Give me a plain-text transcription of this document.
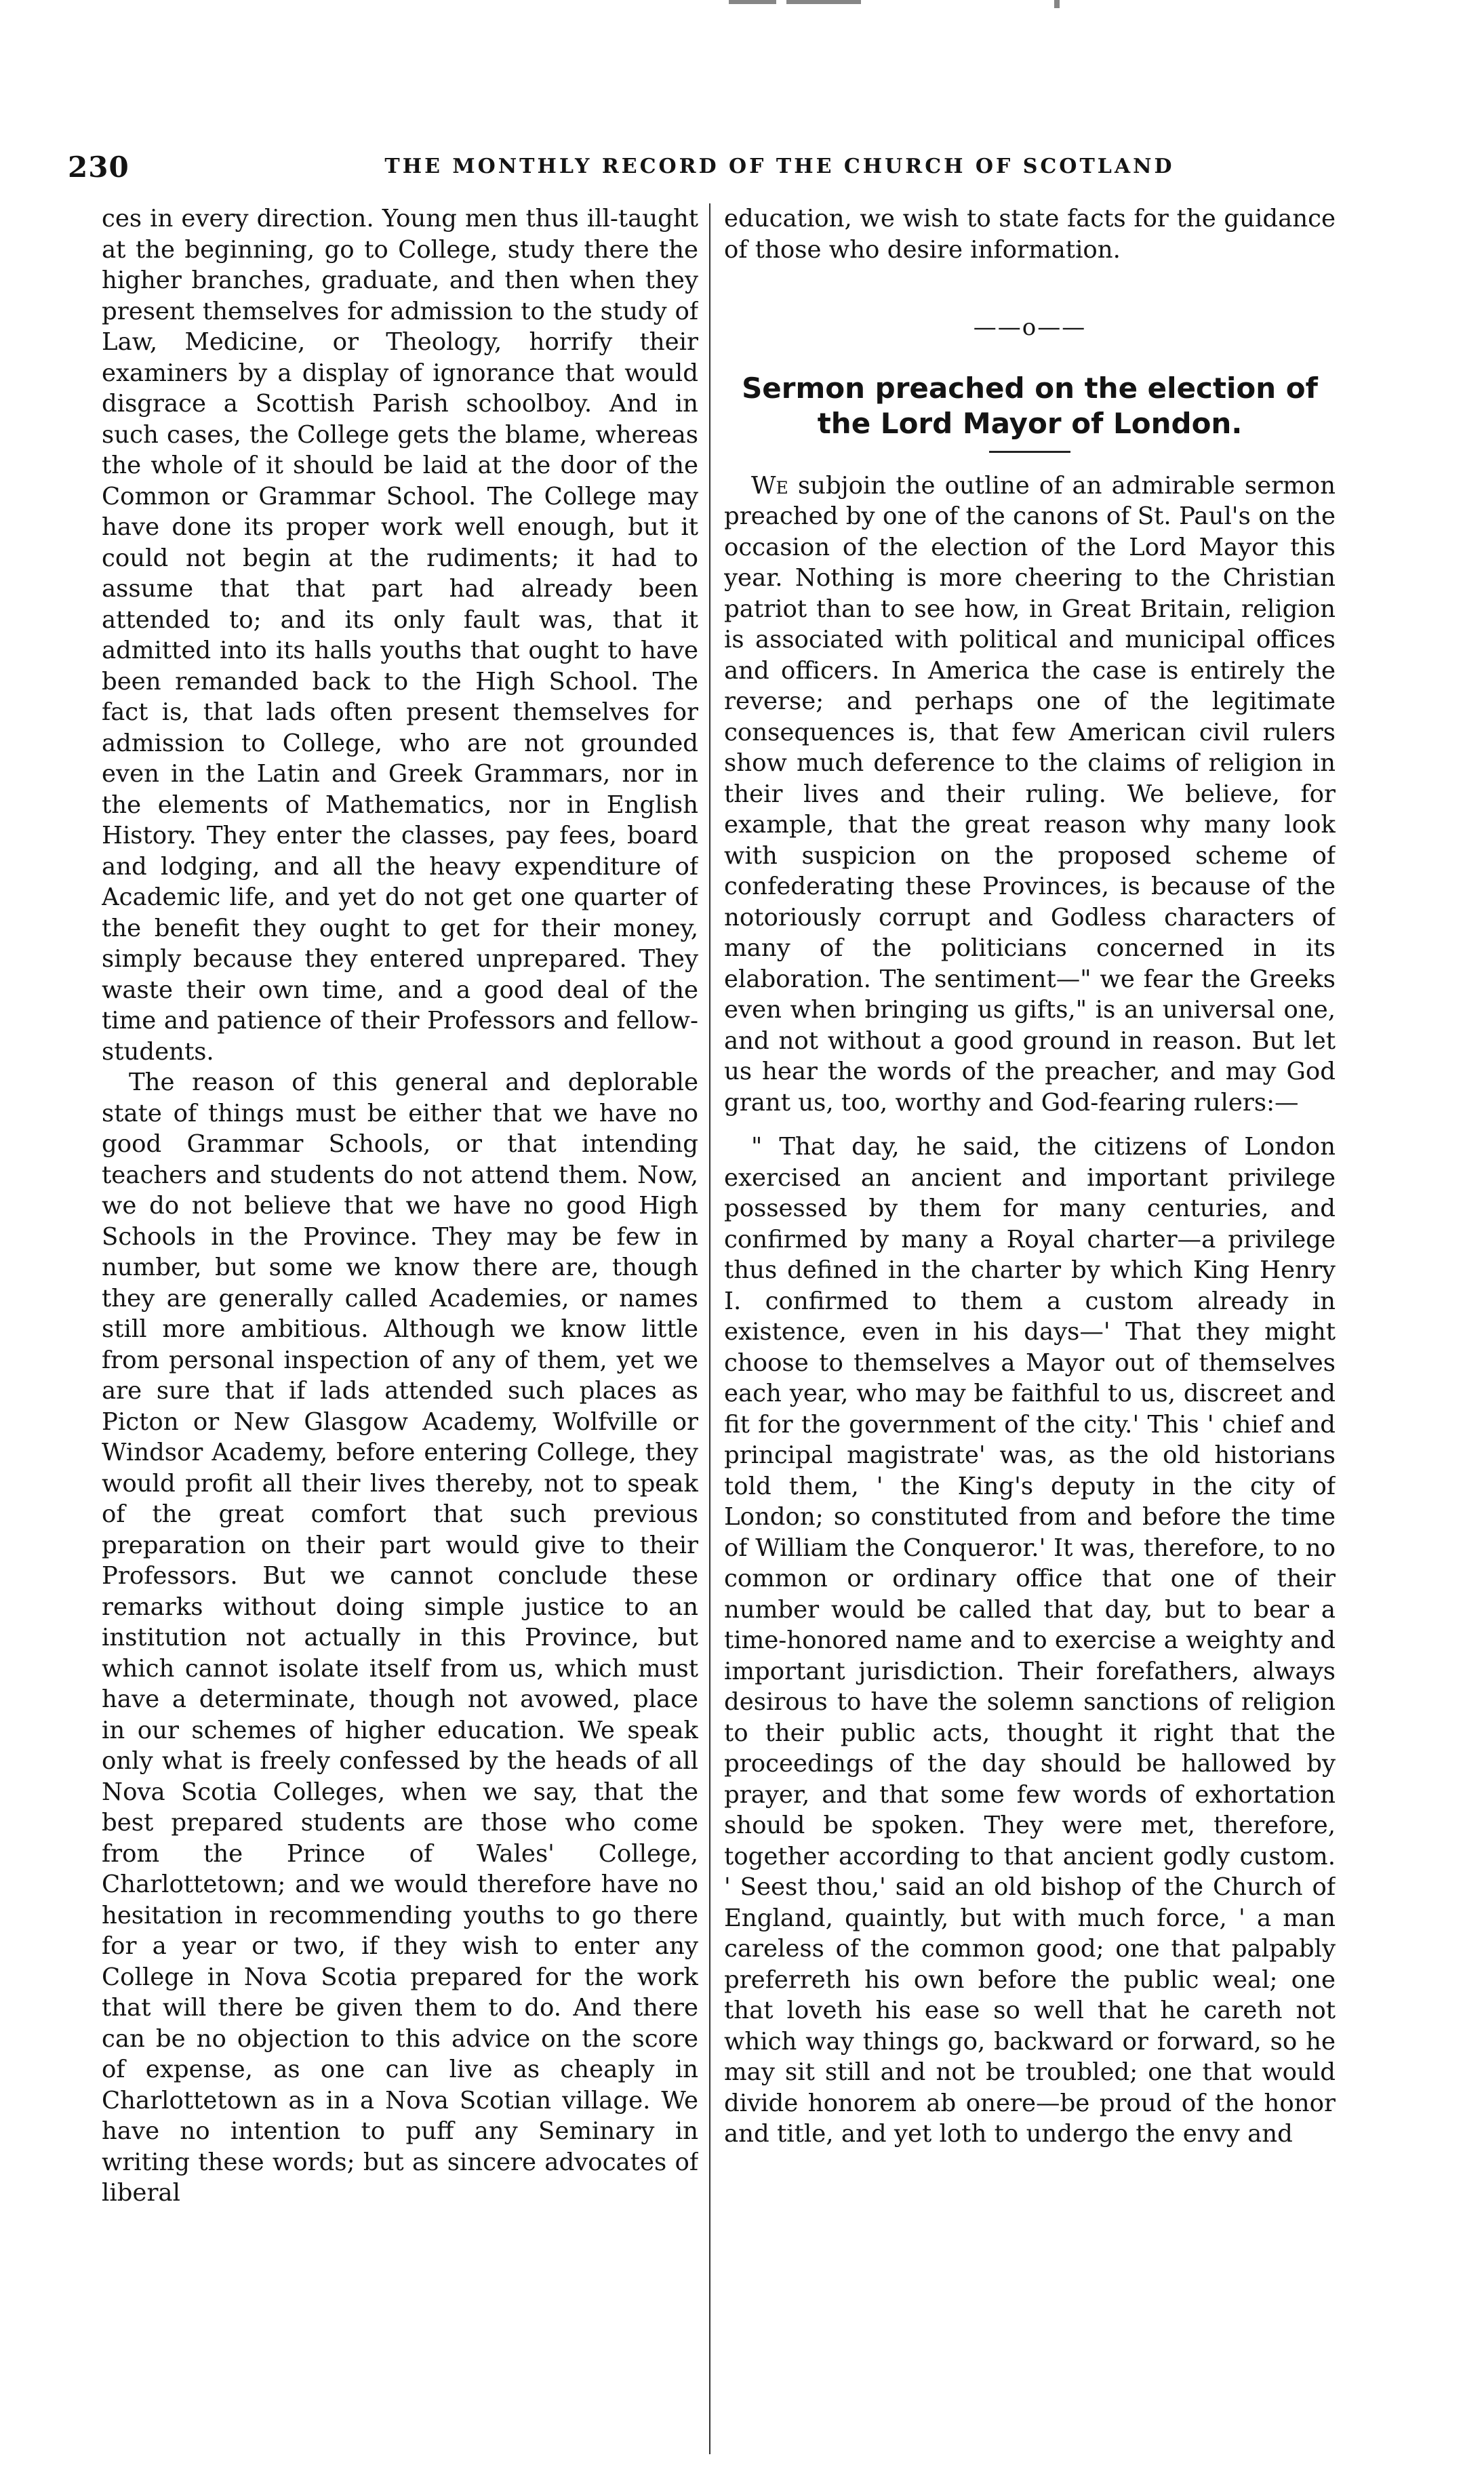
230	THE MONTHLY RECORD OF THE CHURCH OF SCOTLAND

ces in every direction. Young men thus ill-taught at the beginning, go to College, study there the higher branches, graduate, and then when they present themselves for admission to the study of Law, Medicine, or Theology, horrify their examiners by a display of ignorance that would disgrace a Scottish Parish schoolboy. And in such cases, the College gets the blame, whereas the whole of it should be laid at the door of the Common or Grammar School. The College may have done its proper work well enough, but it could not begin at the rudiments; it had to assume that that part had already been attended to; and its only fault was, that it admitted into its halls youths that ought to have been remanded back to the High School. The fact is, that lads often present themselves for admission to College, who are not grounded even in the Latin and Greek Grammars, nor in the elements of Mathematics, nor in English History. They enter the classes, pay fees, board and lodging, and all the heavy expenditure of Academic life, and yet do not get one quarter of the benefit they ought to get for their money, simply because they entered unprepared. They waste their own time, and a good deal of the time and patience of their Professors and fellow-students.

The reason of this general and deplorable state of things must be either that we have no good Grammar Schools, or that intending teachers and students do not attend them. Now, we do not believe that we have no good High Schools in the Province. They may be few in number, but some we know there are, though they are generally called Academies, or names still more ambitious. Although we know little from personal inspection of any of them, yet we are sure that if lads attended such places as Picton or New Glasgow Academy, Wolfville or Windsor Academy, before entering College, they would profit all their lives thereby, not to speak of the great comfort that such previous preparation on their part would give to their Professors. But we cannot conclude these remarks without doing simple justice to an institution not actually in this Province, but which cannot isolate itself from us, which must have a determinate, though not avowed, place in our schemes of higher education. We speak only what is freely confessed by the heads of all Nova Scotia Colleges, when we say, that the best prepared students are those who come from the Prince of Wales' College, Charlottetown; and we would therefore have no hesitation in recommending youths to go there for a year or two, if they wish to enter any College in Nova Scotia prepared for the work that will there be given them to do. And there can be no objection to this advice on the score of expense, as one can live as cheaply in Charlottetown as in a Nova Scotian village. We have no intention to puff any Seminary in writing these words; but as sincere advocates of liberal

education, we wish to state facts for the guidance of those who desire information.

——o——
Sermon preached on the election of the Lord Mayor of London.

We subjoin the outline of an admirable sermon preached by one of the canons of St. Paul's on the occasion of the election of the Lord Mayor this year. Nothing is more cheering to the Christian patriot than to see how, in Great Britain, religion is associated with political and municipal offices and officers. In America the case is entirely the reverse; and perhaps one of the legitimate consequences is, that few American civil rulers show much deference to the claims of religion in their lives and their ruling. We believe, for example, that the great reason why many look with suspicion on the proposed scheme of confederating these Provinces, is because of the notoriously corrupt and Godless characters of many of the politicians concerned in its elaboration. The sentiment—" we fear the Greeks even when bringing us gifts," is an universal one, and not without a good ground in reason. But let us hear the words of the preacher, and may God grant us, too, worthy and God-fearing rulers:—

" That day, he said, the citizens of London exercised an ancient and important privilege possessed by them for many centuries, and confirmed by many a Royal charter—a privilege thus defined in the charter by which King Henry I. confirmed to them a custom already in existence, even in his days—' That they might choose to themselves a Mayor out of themselves each year, who may be faithful to us, discreet and fit for the government of the city.' This ' chief and principal magistrate' was, as the old historians told them, ' the King's deputy in the city of London; so constituted from and before the time of William the Conqueror.' It was, therefore, to no common or ordinary office that one of their number would be called that day, but to bear a time-honored name and to exercise a weighty and important jurisdiction. Their forefathers, always desirous to have the solemn sanctions of religion to their public acts, thought it right that the proceedings of the day should be hallowed by prayer, and that some few words of exhortation should be spoken. They were met, therefore, together according to that ancient godly custom. ' Seest thou,' said an old bishop of the Church of England, quaintly, but with much force, ' a man careless of the common good; one that palpably preferreth his own before the public weal; one that loveth his ease so well that he careth not which way things go, backward or forward, so he may sit still and not be troubled; one that would divide honorem ab onere—be proud of the honor and title, and yet loth to undergo the envy and
